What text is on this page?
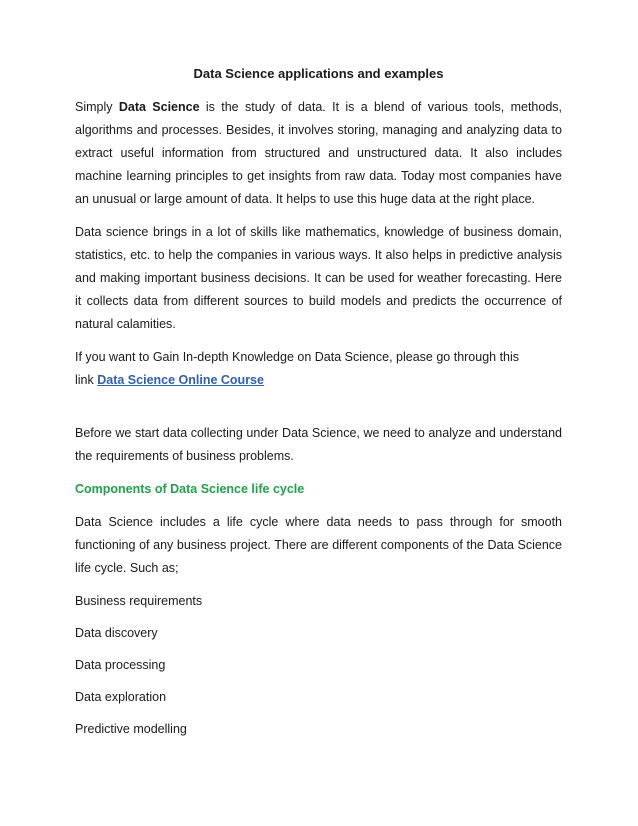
Data Science applications and examples

Simply Data Science is the study of data. It is a blend of various tools, methods, algorithms and processes. Besides, it involves storing, managing and analyzing data to extract useful information from structured and unstructured data. It also includes machine learning principles to get insights from raw data. Today most companies have an unusual or large amount of data. It helps to use this huge data at the right place.

Data science brings in a lot of skills like mathematics, knowledge of business domain, statistics, etc. to help the companies in various ways. It also helps in predictive analysis and making important business decisions. It can be used for weather forecasting. Here it collects data from different sources to build models and predicts the occurrence of natural calamities.

If you want to Gain In-depth Knowledge on Data Science, please go through this
link Data Science Online Course

Before we start data collecting under Data Science, we need to analyze and understand the requirements of business problems.

Components of Data Science life cycle

Data Science includes a life cycle where data needs to pass through for smooth functioning of any business project. There are different components of the Data Science life cycle. Such as;

Business requirements
Data discovery
Data processing
Data exploration
Predictive modelling
